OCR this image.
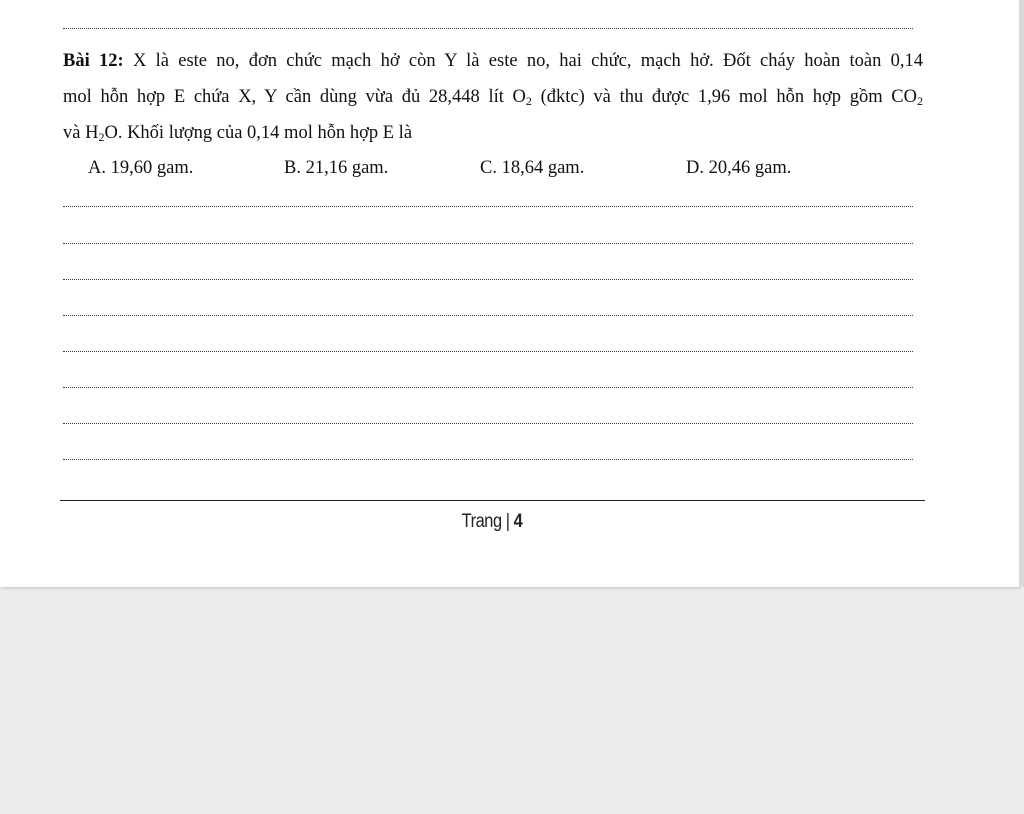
Bài 12: X là este no, đơn chức mạch hở còn Y là este no, hai chức, mạch hở. Đốt cháy hoàn toàn 0,14
mol hỗn hợp E chứa X, Y cần dùng vừa đủ 28,448 lít $O_2$ (đktc) và thu được 1,96 mol hỗn hợp gồm $CO_2$
và $H_2O$. Khối lượng của 0,14 mol hỗn hợp E là
A. 19,60 gam.	B. 21,16 gam.	C. 18,64 gam.	D. 20,46 gam.
Trang | 4
